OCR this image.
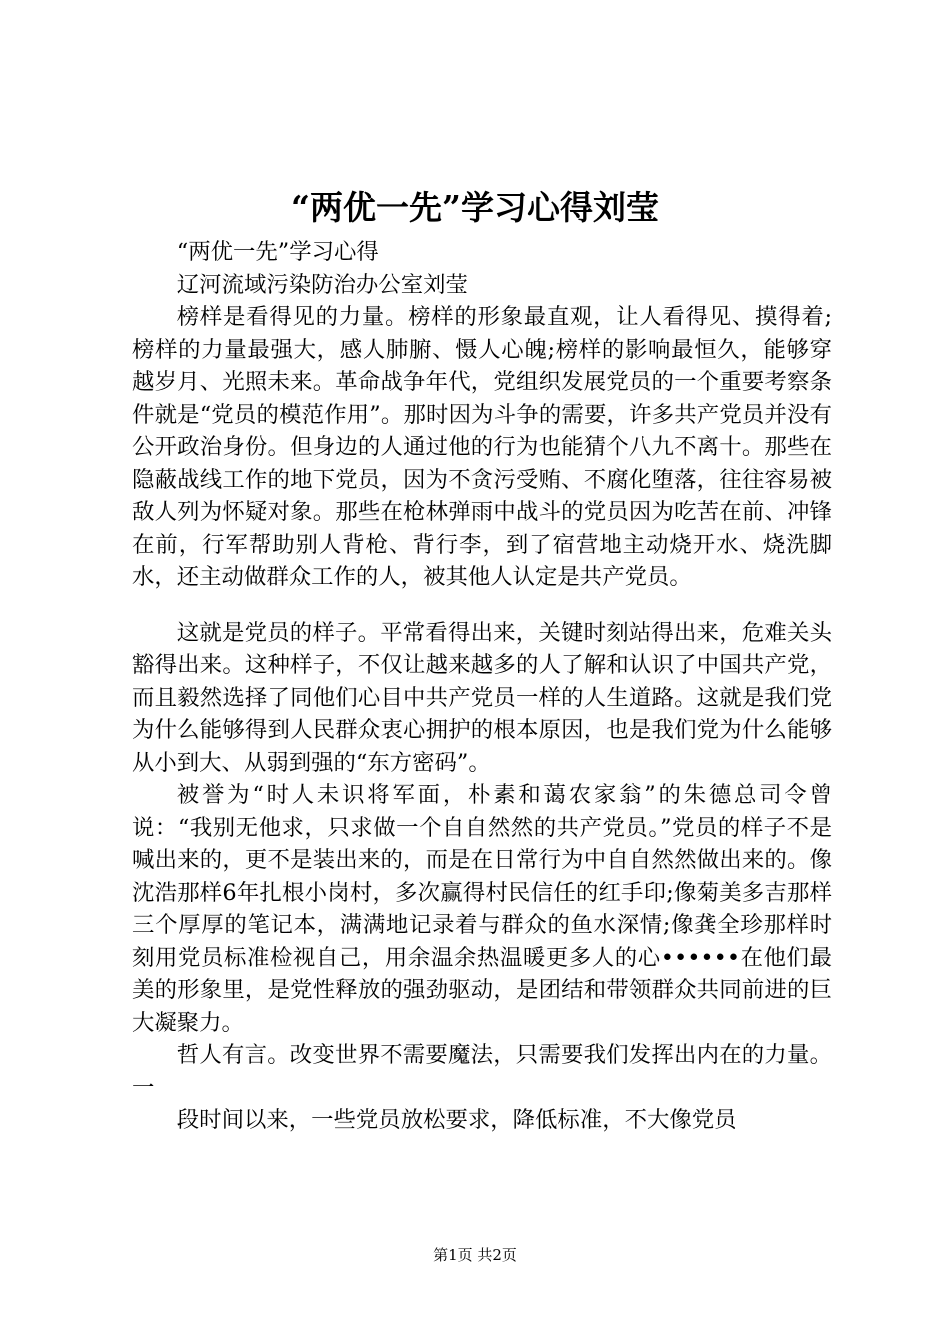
“两优一先”学习心得刘莹

“两优一先”学习心得

辽河流域污染防治办公室刘莹

榜样是看得见的力量。榜样的形象最直观，让人看得见、摸得着;榜样的力量最强大，感人肺腑、慑人心魄;榜样的影响最恒久，能够穿越岁月、光照未来。革命战争年代，党组织发展党员的一个重要考察条件就是“党员的模范作用”。那时因为斗争的需要，许多共产党员并没有公开政治身份。但身边的人通过他的行为也能猜个八九不离十。那些在隐蔽战线工作的地下党员，因为不贪污受贿、不腐化堕落，往往容易被敌人列为怀疑对象。那些在枪林弹雨中战斗的党员因为吃苦在前、冲锋在前，行军帮助别人背枪、背行李，到了宿营地主动烧开水、烧洗脚水，还主动做群众工作的人，被其他人认定是共产党员。

这就是党员的样子。平常看得出来，关键时刻站得出来，危难关头豁得出来。这种样子，不仅让越来越多的人了解和认识了中国共产党，而且毅然选择了同他们心目中共产党员一样的人生道路。这就是我们党为什么能够得到人民群众衷心拥护的根本原因，也是我们党为什么能够从小到大、从弱到强的“东方密码”。

被誉为“时人未识将军面，朴素和蔼农家翁”的朱德总司令曾说：“我别无他求，只求做一个自自然然的共产党员。”党员的样子不是喊出来的，更不是装出来的，而是在日常行为中自自然然做出来的。像沈浩那样6年扎根小岗村，多次赢得村民信任的红手印;像菊美多吉那样三个厚厚的笔记本，满满地记录着与群众的鱼水深情;像龚全珍那样时刻用党员标准检视自己，用余温余热温暖更多人的心••••••在他们最美的形象里，是党性释放的强劲驱动，是团结和带领群众共同前进的巨大凝聚力。

哲人有言。改变世界不需要魔法，只需要我们发挥出内在的力量。一

段时间以来，一些党员放松要求，降低标准，不大像党员

第1页 共2页
